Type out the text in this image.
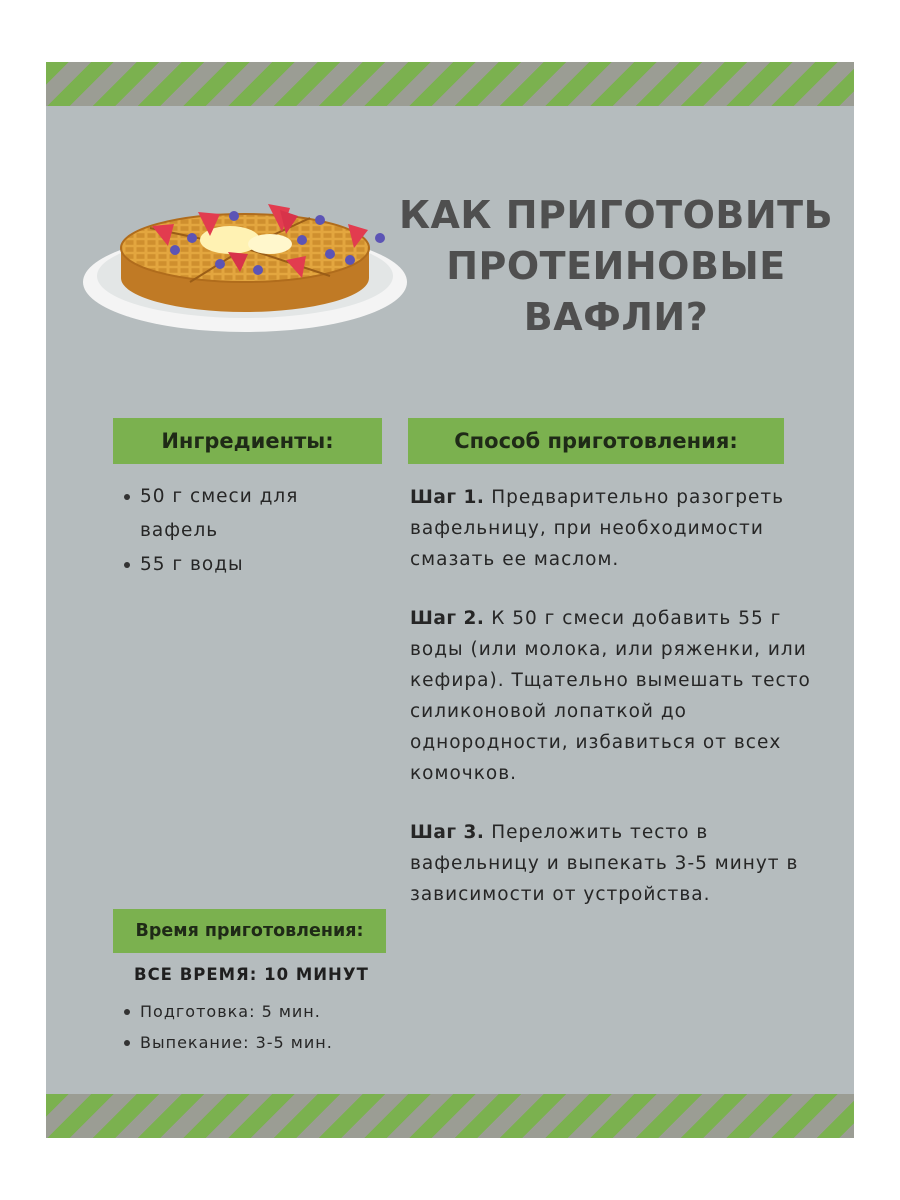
КАК ПРИГОТОВИТЬ ПРОТЕИНОВЫЕ ВАФЛИ?
Ингредиенты:
50 г смеси для вафель
55 г воды
Способ приготовления:

Шаг 1. Предварительно разогреть вафельницу, при необходимости смазать ее маслом.

Шаг 2. К 50 г смеси добавить 55 г воды (или молока, или ряженки, или кефира). Тщательно вымешать тесто силиконовой лопаткой до однородности, избавиться от всех комочков.

Шаг 3. Переложить тесто в вафельницу и выпекать 3-5 минут в зависимости от устройства.

Время приготовления:

ВСЕ ВРЕМЯ: 10 МИНУТ

Подготовка: 5 мин.
Выпекание: 3-5 мин.
